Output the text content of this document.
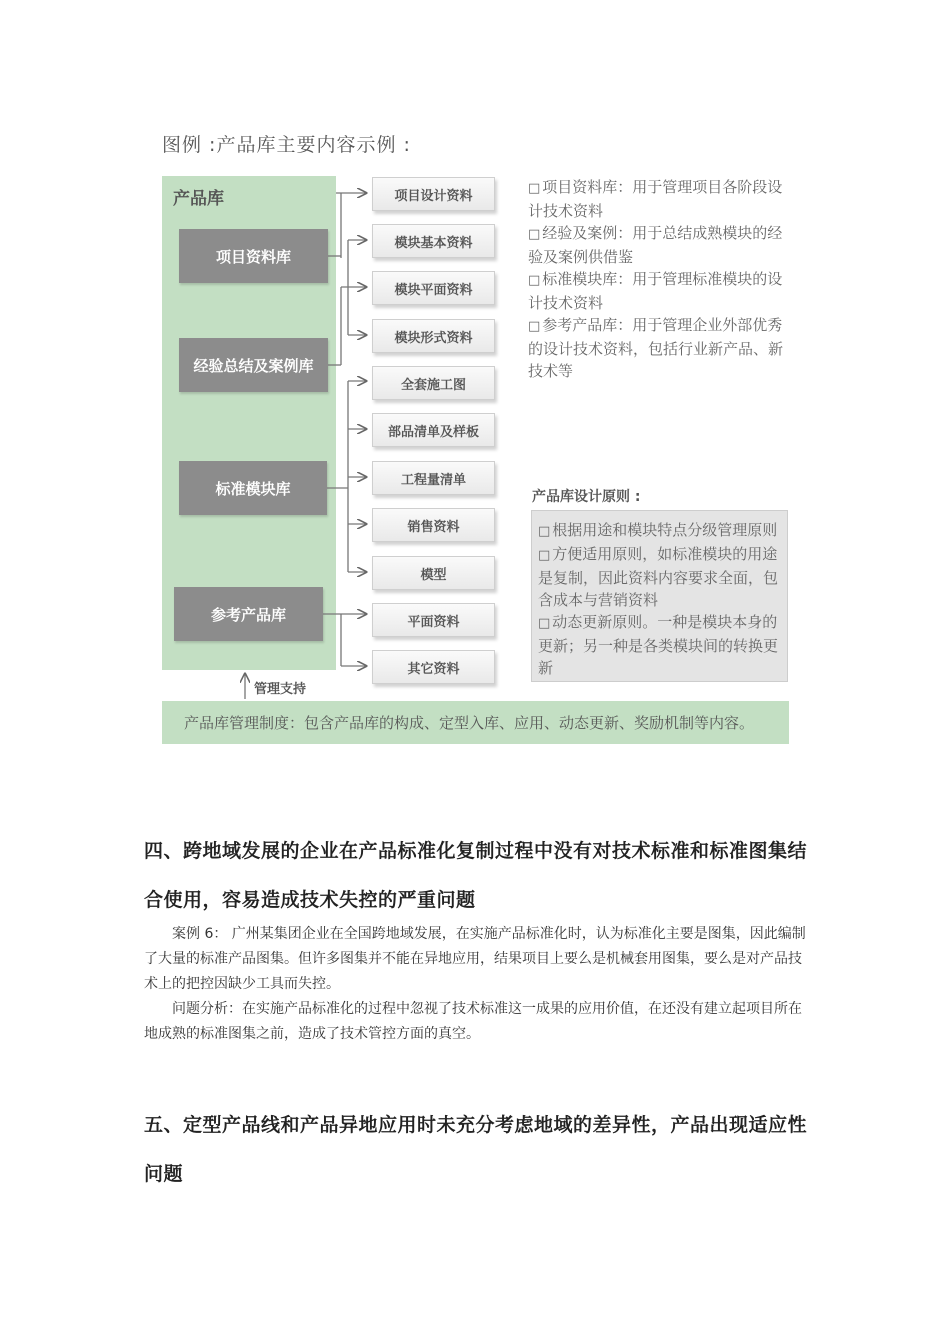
图例 :产品库主要内容示例 :
产品库
项目资料库
经验总结及案例库
标准模块库
参考产品库
项目设计资料
模块基本资料
模块平面资料
模块形式资料
全套施工图
部品清单及样板
工程量清单
销售资料
模型
平面资料
其它资料
□ 项目资料库：用于管理项目各阶段设计技术资料
□ 经验及案例：用于总结成熟模块的经验及案例供借鉴
□ 标准模块库：用于管理标准模块的设计技术资料
□ 参考产品库：用于管理企业外部优秀的设计技术资料，包括行业新产品、新技术等
产品库设计原则 :
□ 根据用途和模块特点分级管理原则
□ 方便适用原则，如标准模块的用途是复制，因此资料内容要求全面，包含成本与营销资料
□ 动态更新原则。一种是模块本身的更新；另一种是各类模块间的转换更新
管理支持
产品库管理制度：包含产品库的构成、定型入库、应用、动态更新、奖励机制等内容。
四、跨地域发展的企业在产品标准化复制过程中没有对技术标准和标准图集结
合使用，容易造成技术失控的严重问题

案例 6： 广州某集团企业在全国跨地域发展，在实施产品标准化时，认为标准化主要是图集，因此编制了大量的标准产品图集。但许多图集并不能在异地应用，结果项目上要么是机械套用图集，要么是对产品技术上的把控因缺少工具而失控。

问题分析：在实施产品标准化的过程中忽视了技术标准这一成果的应用价值，在还没有建立起项目所在地成熟的标准图集之前，造成了技术管控方面的真空。

五、定型产品线和产品异地应用时未充分考虑地域的差异性，产品出现适应性
问题
